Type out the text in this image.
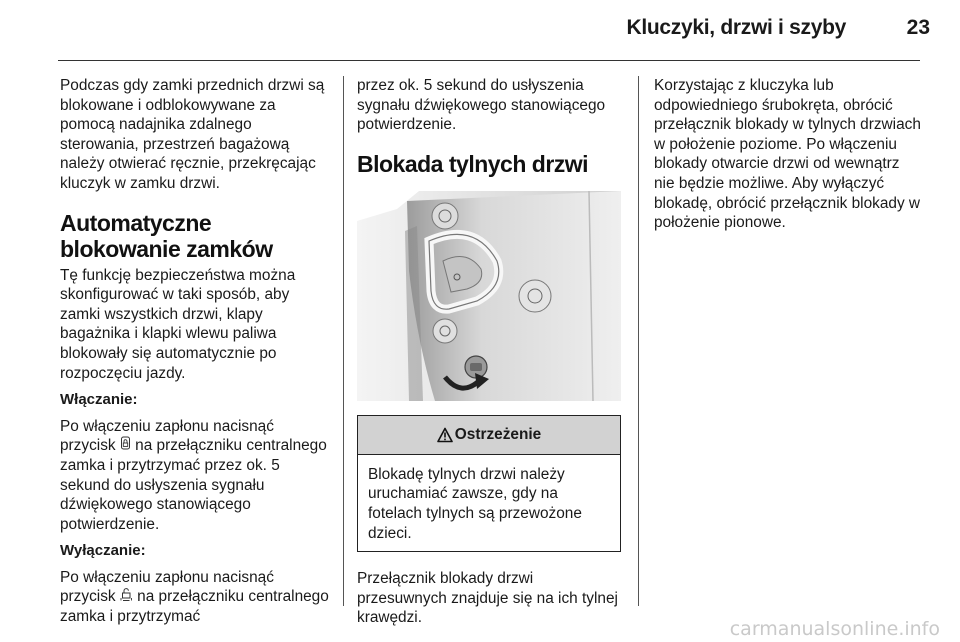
Kluczyki, drzwi i szyby	23

Podczas gdy zamki przednich drzwi są blokowane i odblokowywane za pomocą nadajnika zdalnego sterowania, przestrzeń bagażową należy otwierać ręcznie, przekręcając kluczyk w zamku drzwi.

Automatyczne blokowanie zamków

Tę funkcję bezpieczeństwa można skonfigurować w taki sposób, aby zamki wszystkich drzwi, klapy bagażnika i klapki wlewu paliwa blokowały się automatycznie po rozpoczęciu jazdy.

Włączanie:

Po włączeniu zapłonu nacisnąć przycisk na przełączniku centralnego zamka i przytrzymać przez ok. 5 sekund do usłyszenia sygnału dźwiękowego stanowiącego potwierdzenie.

Wyłączanie:

Po włączeniu zapłonu nacisnąć przycisk na przełączniku centralnego zamka i przytrzymać

przez ok. 5 sekund do usłyszenia sygnału dźwiękowego stanowiącego potwierdzenie.

Blokada tylnych drzwi
Ostrzeżenie

Blokadę tylnych drzwi należy uruchamiać zawsze, gdy na fotelach tylnych są przewożone dzieci.

Przełącznik blokady drzwi przesuwnych znajduje się na ich tylnej krawędzi.

Korzystając z kluczyka lub odpowiedniego śrubokręta, obrócić przełącznik blokady w tylnych drzwiach w położenie poziome. Po włączeniu blokady otwarcie drzwi od wewnątrz nie będzie możliwe. Aby wyłączyć blokadę, obrócić przełącznik blokady w położenie pionowe.

carmanualsonline.info
